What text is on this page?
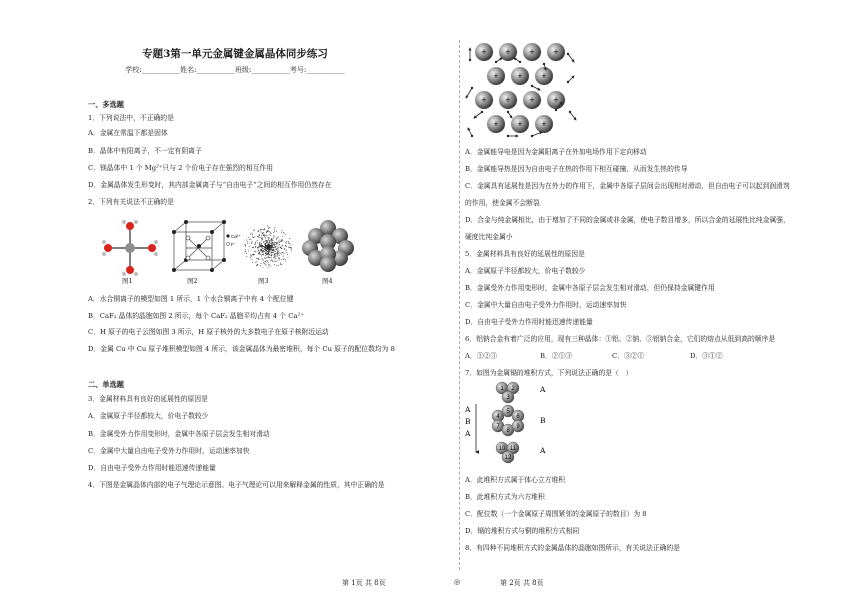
专题3第一单元金属键金属晶体同步练习
学校:___________姓名:___________班级:___________考号:___________
一、多选题
1．下列说法中，不正确的是
A．金属在常温下都是固体
B．晶体中有阳离子，不一定有阴离子
C．镁晶体中 1 个 Mg²⁺只与 2 个价电子存在强烈的相互作用
D．金属晶体发生形变时，其内部金属离子与“自由电子”之间的相互作用仍然存在
2．下列有关说法不正确的是
A．水合铜离子的模型如图 1 所示，1 个水合铜离子中有 4 个配位键
B．CaF₂ 晶体的晶胞如图 2 所示，每个 CaF₂ 晶胞平均占有 4 个 Ca²⁺
C．H 原子的电子云图如图 3 所示，H 原子核外的大多数电子在原子核附近运动
D．金属 Cu 中 Cu 原子堆积模型如图 4 所示，该金属晶体为最密堆积，每个 Cu 原子的配位数均为 8
二、单选题
3．金属材料具有良好的延展性的原因是
A．金属原子半径都较大，价电子数较少
B．金属受外力作用变形时，金属中各原子层会发生相对滑动
C．金属中大量自由电子受外力作用时，运动速率加快
D．自由电子受外力作用时能迅速传递能量
4．下图是金属晶体内部的电子气理论示意图。电子气理论可以用来解释金属的性质，其中正确的是
A．金属能导电是因为金属阳离子在外加电场作用下定向移动
B．金属能导热是因为自由电子在热的作用下相互碰撞，从而发生热的传导
C．金属具有延展性是因为在外力的作用下，金属中各原子层间会出现相对滑动，但自由电子可以起到润滑剂
的作用，使金属不会断裂
D．合金与纯金属相比，由于增加了不同的金属或非金属，使电子数目增多，所以合金的延展性比纯金属强，
硬度比纯金属小
5．金属材料具有良好的延展性的原因是
A．金属原子半径都较大，价电子数较少
B．金属受外力作用变形时，金属中各原子层会发生相对滑动，但仍保持金属键作用
C．金属中大量自由电子受外力作用时，运动速率加快
D．自由电子受外力作用时能迅速传递能量
6．铝钠合金有着广泛的应用，现有三种晶体：①铝、②钠、③铝钠合金，它们的熔点从低到高的顺序是
7．如图为金属镉的堆积方式，下列说法正确的是（　）
A．此堆积方式属于体心立方堆积
B．此堆积方式为六方堆积
C．配位数（一个金属原子周围紧邻的金属原子的数目）为 8
D．镉的堆积方式与铜的堆积方式相同
8．有四种不同堆积方式的金属晶体的晶胞如图所示，有关说法正确的是
Ca²⁺
F⁻
图1	图2	图3	图4
+ + + +
+ + +
+ + + +
+ + +
A．①②③	B．②①③	C．③②①	D．③①②
1 2
3
4
5
6
7
8
9
10 11
12
A
B
A
A
B
A
第 1页 共 8页	◎	第 2页 共 8页
